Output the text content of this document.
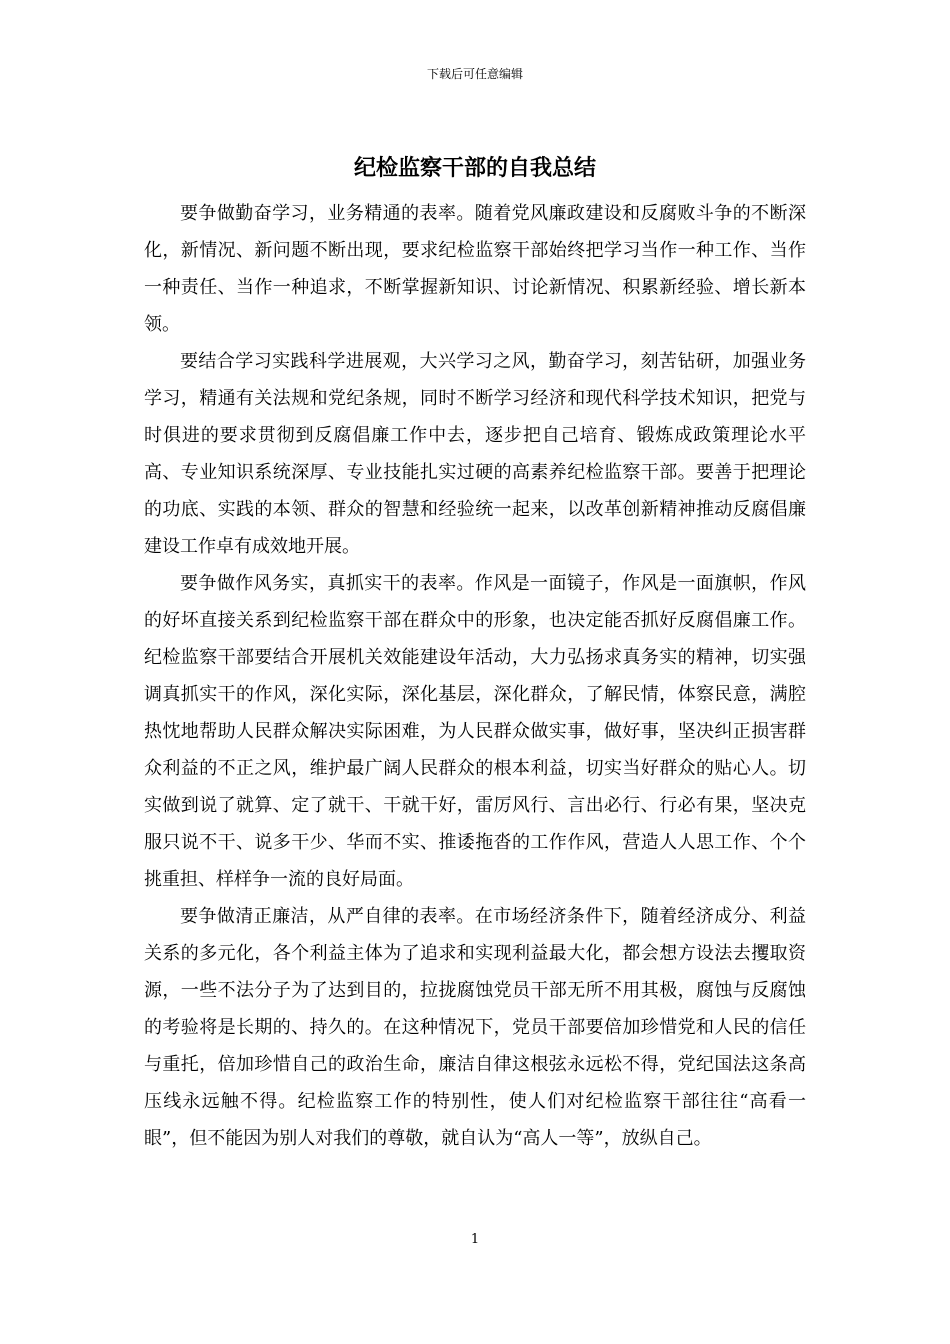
下载后可任意编辑
纪检监察干部的自我总结

要争做勤奋学习，业务精通的表率。随着党风廉政建设和反腐败斗争的不断深化，新情况、新问题不断出现，要求纪检监察干部始终把学习当作一种工作、当作一种责任、当作一种追求，不断掌握新知识、讨论新情况、积累新经验、增长新本领。

要结合学习实践科学进展观，大兴学习之风，勤奋学习，刻苦钻研，加强业务学习，精通有关法规和党纪条规，同时不断学习经济和现代科学技术知识，把党与时俱进的要求贯彻到反腐倡廉工作中去，逐步把自己培育、锻炼成政策理论水平高、专业知识系统深厚、专业技能扎实过硬的高素养纪检监察干部。要善于把理论的功底、实践的本领、群众的智慧和经验统一起来，以改革创新精神推动反腐倡廉建设工作卓有成效地开展。

要争做作风务实，真抓实干的表率。作风是一面镜子，作风是一面旗帜，作风的好坏直接关系到纪检监察干部在群众中的形象，也决定能否抓好反腐倡廉工作。纪检监察干部要结合开展机关效能建设年活动，大力弘扬求真务实的精神，切实强调真抓实干的作风，深化实际，深化基层，深化群众，了解民情，体察民意，满腔热忱地帮助人民群众解决实际困难，为人民群众做实事，做好事，坚决纠正损害群众利益的不正之风，维护最广阔人民群众的根本利益，切实当好群众的贴心人。切实做到说了就算、定了就干、干就干好，雷厉风行、言出必行、行必有果，坚决克服只说不干、说多干少、华而不实、推诿拖沓的工作作风，营造人人思工作、个个挑重担、样样争一流的良好局面。

要争做清正廉洁，从严自律的表率。在市场经济条件下，随着经济成分、利益关系的多元化，各个利益主体为了追求和实现利益最大化，都会想方设法去攫取资源，一些不法分子为了达到目的，拉拢腐蚀党员干部无所不用其极，腐蚀与反腐蚀的考验将是长期的、持久的。在这种情况下，党员干部要倍加珍惜党和人民的信任与重托，倍加珍惜自己的政治生命，廉洁自律这根弦永远松不得，党纪国法这条高压线永远触不得。纪检监察工作的特别性，使人们对纪检监察干部往往“高看一眼”，但不能因为别人对我们的尊敬，就自认为“高人一等”，放纵自己。

1
